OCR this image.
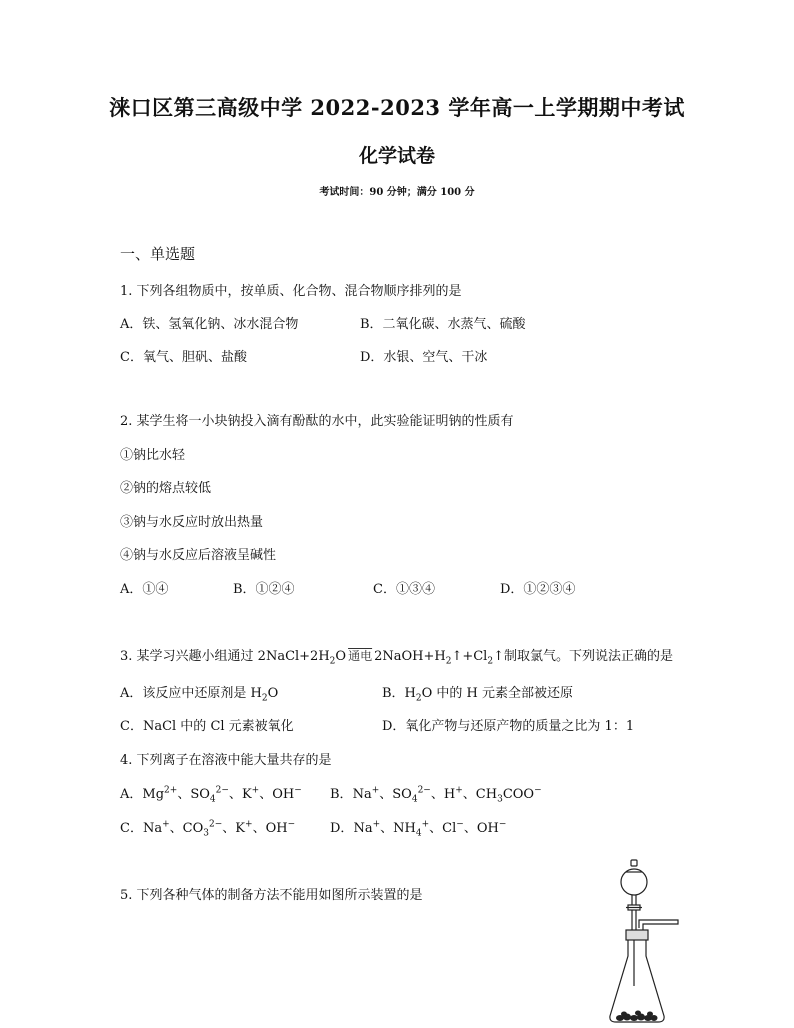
涞口区第三高级中学 2022-2023 学年高一上学期期中考试
化学试卷
考试时间：90 分钟；满分 100 分
一、单选题
1. 下列各组物质中，按单质、化合物、混合物顺序排列的是
A．铁、氢氧化钠、冰水混合物	B．二氧化碳、水蒸气、硫酸
C．氧气、胆矾、盐酸	D．水银、空气、干冰
2. 某学生将一小块钠投入滴有酚酞的水中，此实验能证明钠的性质有
①钠比水轻
②钠的熔点较低
③钠与水反应时放出热量
④钠与水反应后溶液呈碱性
A．①④	B．①②④	C．①③④	D．①②③④
3. 某学习兴趣小组通过 $2NaCl+2H_2O$ 通电 $2NaOH+H_2↑+Cl_2↑$制取氯气。下列说法正确的是
A．该反应中还原剂是 $H_2O$	B．$H_2O$ 中的 H 元素全部被还原
C．NaCl 中的 Cl 元素被氧化	D．氧化产物与还原产物的质量之比为 1：1
4. 下列离子在溶液中能大量共存的是
A．$Mg^{2+}$、$SO_4^{2-}$、K+、OH− B．Na+、$SO_4^{2-}$、H+、$CH_3COO^-$
C．Na+、$CO_3^{2-}$、K+、OH−	D．Na+、$NH_4^+$、Cl−、OH−
5. 下列各种气体的制备方法不能用如图所示装置的是
